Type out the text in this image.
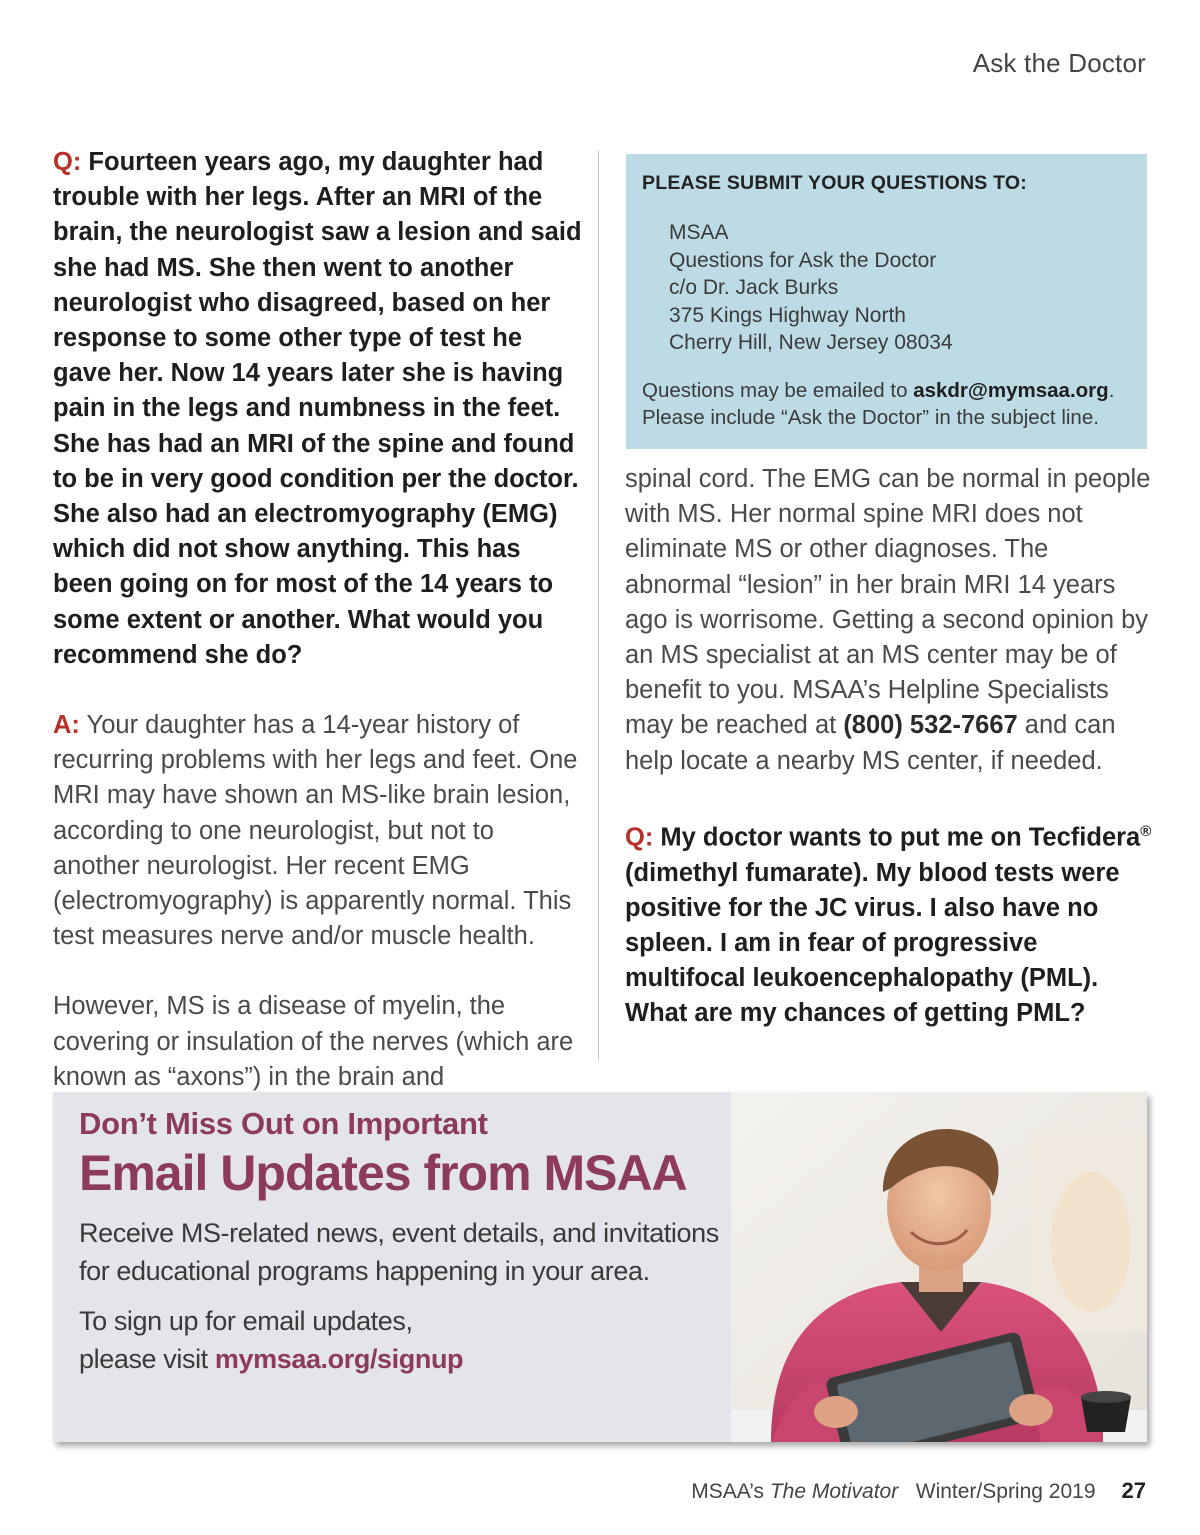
Ask the Doctor

Q: Fourteen years ago, my daughter had trouble with her legs. After an MRI of the brain, the neurologist saw a lesion and said she had MS. She then went to another neurologist who disagreed, based on her response to some other type of test he gave her. Now 14 years later she is having pain in the legs and numbness in the feet. She has had an MRI of the spine and found to be in very good condition per the doctor. She also had an electromyography (EMG) which did not show anything. This has been going on for most of the 14 years to some extent or another. What would you recommend she do?

A: Your daughter has a 14-year history of recurring problems with her legs and feet. One MRI may have shown an MS-like brain lesion, according to one neurologist, but not to another neurologist. Her recent EMG (electromyography) is apparently normal. This test measures nerve and/or muscle health.

However, MS is a disease of myelin, the covering or insulation of the nerves (which are known as “axons”) in the brain and

PLEASE SUBMIT YOUR QUESTIONS TO:
MSAA
Questions for Ask the Doctor
c/o Dr. Jack Burks
375 Kings Highway North
Cherry Hill, New Jersey 08034
Questions may be emailed to askdr@mymsaa.org.
Please include “Ask the Doctor” in the subject line.

spinal cord. The EMG can be normal in people with MS. Her normal spine MRI does not eliminate MS or other diagnoses. The abnormal “lesion” in her brain MRI 14 years ago is worrisome. Getting a second opinion by an MS specialist at an MS center may be of benefit to you. MSAA’s Helpline Specialists may be reached at (800) 532-7667 and can help locate a nearby MS center, if needed.

Q: My doctor wants to put me on Tecfidera® (dimethyl fumarate). My blood tests were positive for the JC virus. I also have no spleen. I am in fear of progressive multifocal leukoencephalopathy (PML). What are my chances of getting PML?

Don’t Miss Out on Important
Email Updates from MSAA
Receive MS-related news, event details, and invitations for educational programs happening in your area.
To sign up for email updates,
please visit mymsaa.org/signup
MSAA’s The Motivator Winter/Spring 2019 27
